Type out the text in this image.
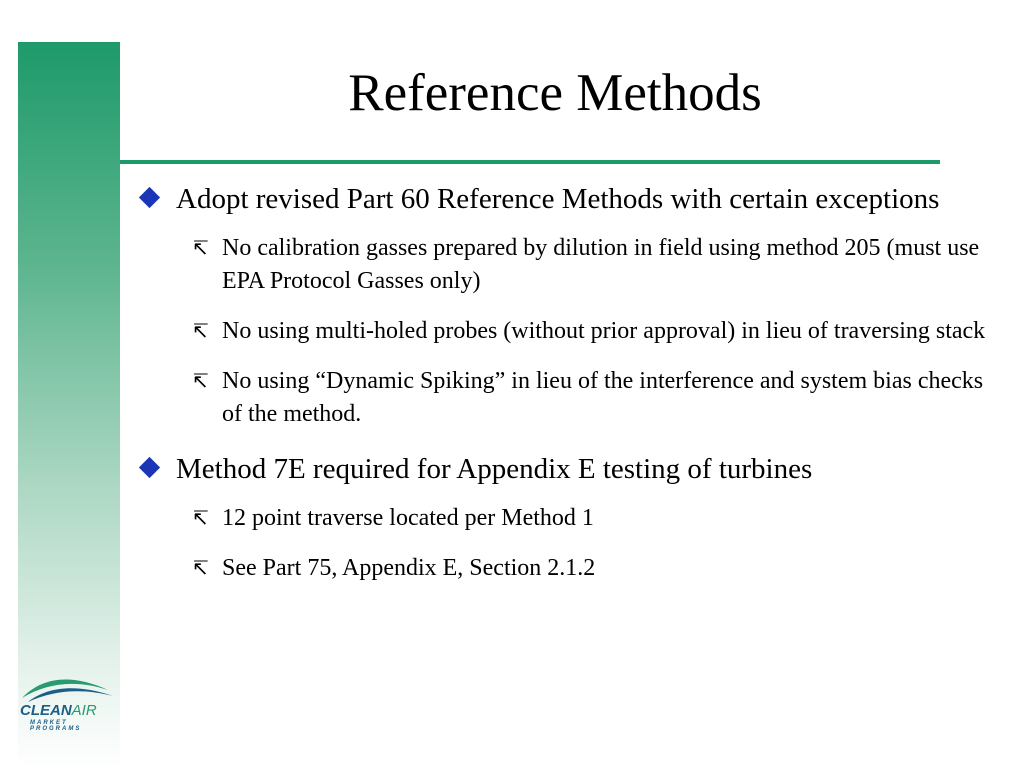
Reference Methods
Adopt revised Part 60 Reference Methods with certain exceptions
↸ No calibration gasses prepared by dilution in field using method 205 (must use EPA Protocol Gasses only)
↸ No using multi-holed probes (without prior approval) in lieu of traversing stack
↸ No using “Dynamic Spiking” in lieu of the interference and system bias checks of the method.
Method 7E required for Appendix E testing of turbines
↸ 12 point traverse located per Method 1
↸ See Part 75, Appendix E, Section 2.1.2
CLEANAIR
MARKET PROGRAMS
